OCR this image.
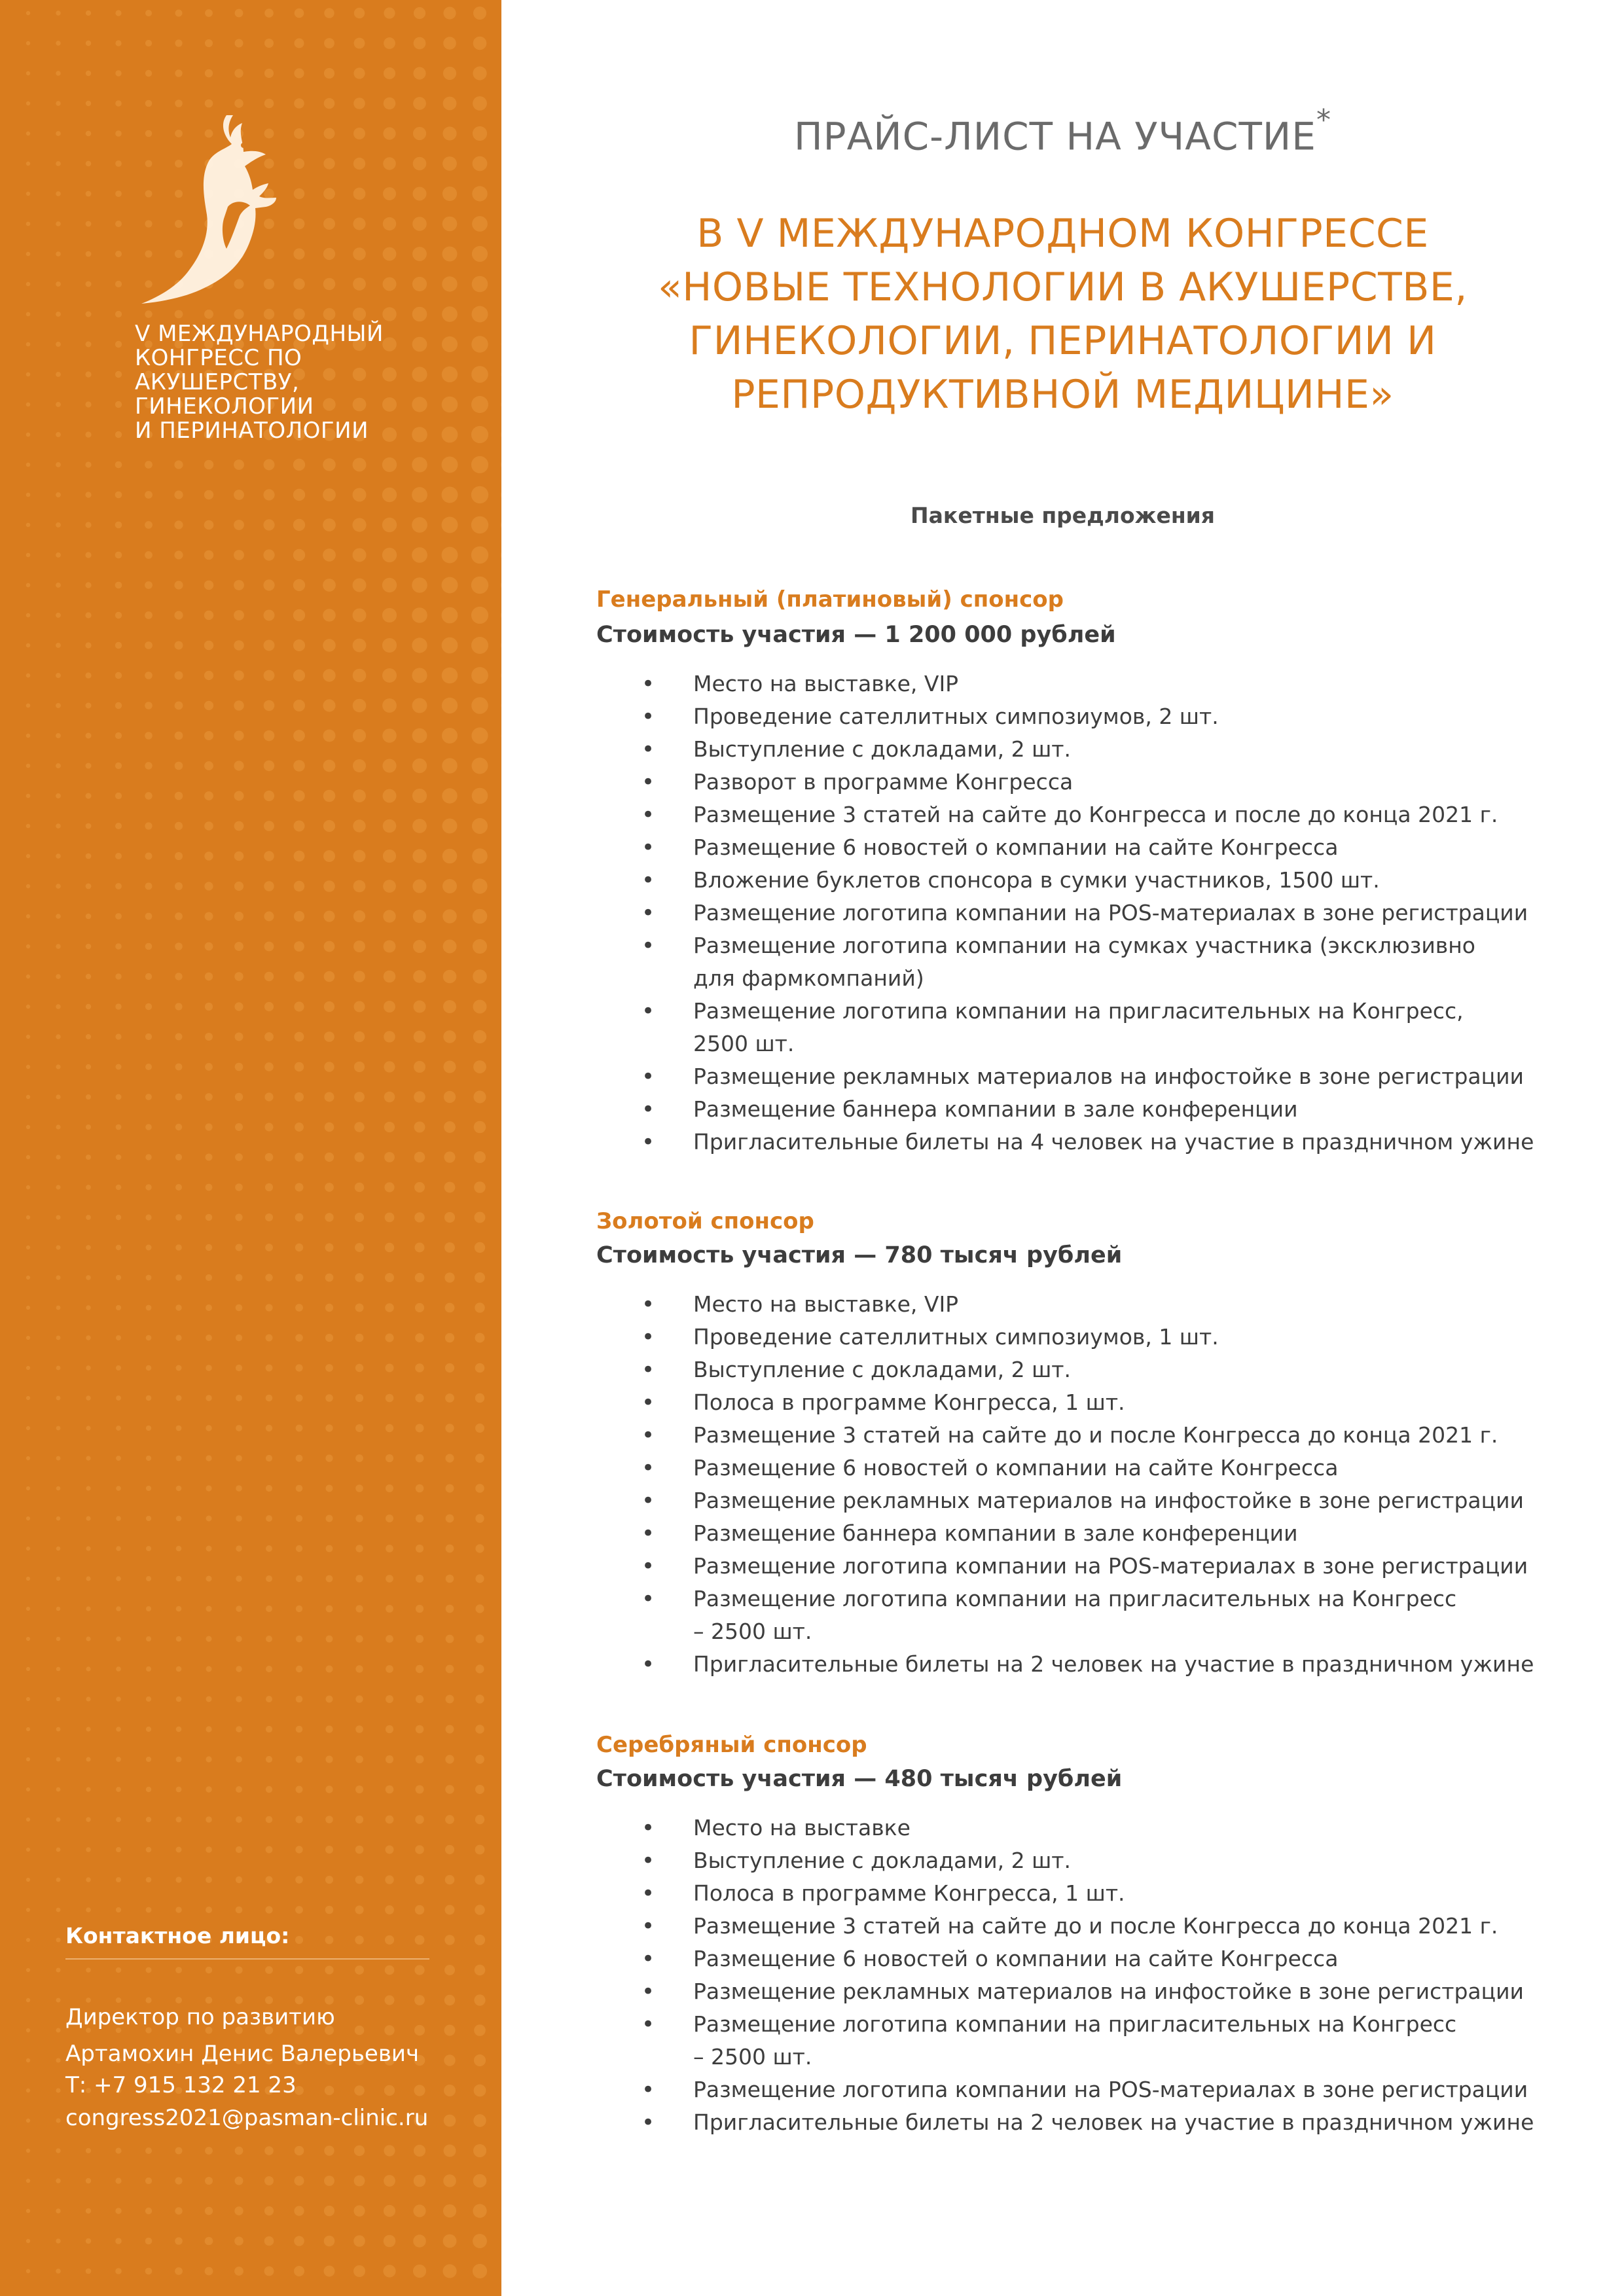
V МЕЖДУНАРОДНЫЙ
КОНГРЕСС ПО
АКУШЕРСТВУ,
ГИНЕКОЛОГИИ
И ПЕРИНАТОЛОГИИ
Контактное лицо:
Директор по развитию
Артамохин Денис Валерьевич
Т: +7 915 132 21 23
congress2021@pasman-clinic.ru
ПРАЙС-ЛИСТ НА УЧАСТИЕ*
В V МЕЖДУНАРОДНОМ КОНГРЕССЕ
«НОВЫЕ ТЕХНОЛОГИИ В АКУШЕРСТВЕ,
ГИНЕКОЛОГИИ, ПЕРИНАТОЛОГИИ И
РЕПРОДУКТИВНОЙ МЕДИЦИНЕ»
Пакетные предложения
Генеральный (платиновый) спонсор
Стоимость участия — 1 200 000 рублей
• Место на выставке, VIP
• Проведение сателлитных симпозиумов, 2 шт.
• Выступление с докладами, 2 шт.
• Разворот в программе Конгресса
• Размещение 3 статей на сайте до Конгресса и после до конца 2021 г.
• Размещение 6 новостей о компании на сайте Конгресса
• Вложение буклетов спонсора в сумки участников, 1500 шт.
• Размещение логотипа компании на POS-материалах в зоне регистрации
• Размещение логотипа компании на сумках участника (эксклюзивно
для фармкомпаний)
• Размещение логотипа компании на пригласительных на Конгресс,
2500 шт.
• Размещение рекламных материалов на инфостойке в зоне регистрации
• Размещение баннера компании в зале конференции
• Пригласительные билеты на 4 человек на участие в праздничном ужине
Золотой спонсор
Стоимость участия — 780 тысяч рублей
• Место на выставке, VIP
• Проведение сателлитных симпозиумов, 1 шт.
• Выступление с докладами, 2 шт.
• Полоса в программе Конгресса, 1 шт.
• Размещение 3 статей на сайте до и после Конгресса до конца 2021 г.
• Размещение 6 новостей о компании на сайте Конгресса
• Размещение рекламных материалов на инфостойке в зоне регистрации
• Размещение баннера компании в зале конференции
• Размещение логотипа компании на POS-материалах в зоне регистрации
• Размещение логотипа компании на пригласительных на Конгресс
– 2500 шт.
• Пригласительные билеты на 2 человек на участие в праздничном ужине
Серебряный спонсор
Стоимость участия — 480 тысяч рублей
• Место на выставке
• Выступление с докладами, 2 шт.
• Полоса в программе Конгресса, 1 шт.
• Размещение 3 статей на сайте до и после Конгресса до конца 2021 г.
• Размещение 6 новостей о компании на сайте Конгресса
• Размещение рекламных материалов на инфостойке в зоне регистрации
• Размещение логотипа компании на пригласительных на Конгресс
– 2500 шт.
• Размещение логотипа компании на POS-материалах в зоне регистрации
• Пригласительные билеты на 2 человек на участие в праздничном ужине
